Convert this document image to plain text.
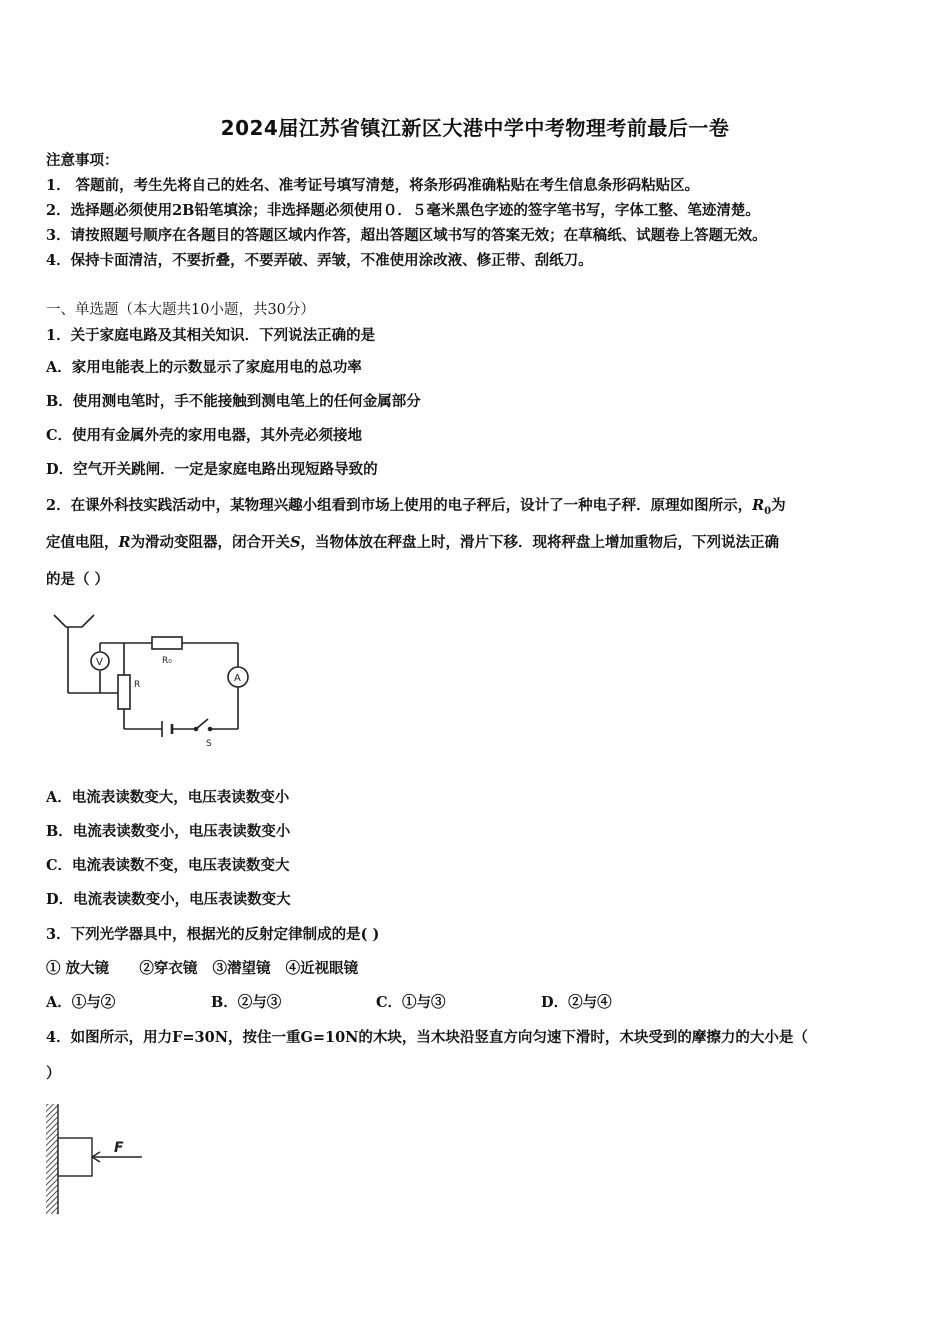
2024届江苏省镇江新区大港中学中考物理考前最后一卷
注意事项：
1． 答题前，考生先将自己的姓名、准考证号填写清楚，将条形码准确粘贴在考生信息条形码粘贴区。
2．选择题必须使用2B铅笔填涂；非选择题必须使用０．５毫米黑色字迹的签字笔书写，字体工整、笔迹清楚。
3．请按照题号顺序在各题目的答题区域内作答，超出答题区域书写的答案无效；在草稿纸、试题卷上答题无效。
4．保持卡面清洁，不要折叠，不要弄破、弄皱，不准使用涂改液、修正带、刮纸刀。
一、单选题（本大题共10小题，共30分）
1．关于家庭电路及其相关知识．下列说法正确的是
A．家用电能表上的示数显示了家庭用电的总功率
B．使用测电笔时，手不能接触到测电笔上的任何金属部分
C．使用有金属外壳的家用电器，其外壳必须接地
D．空气开关跳闸．一定是家庭电路出现短路导致的
2．在课外科技实践活动中，某物理兴趣小组看到市场上使用的电子秤后，设计了一种电子秤．原理如图所示，$R_0$为
定值电阻，R为滑动变阻器，闭合开关S，当物体放在秤盘上时，滑片下移．现将秤盘上增加重物后，下列说法正确
的是（ ）
R₀
V
R
A
S
A．电流表读数变大，电压表读数变小
B．电流表读数变小，电压表读数变小
C．电流表读数不变，电压表读数变大
D．电流表读数变小，电压表读数变大
3．下列光学器具中，根据光的反射定律制成的是( )
① 放大镜      ②穿衣镜   ③潜望镜   ④近视眼镜
A．①与②	B．②与③	C．①与③	D．②与④
4．如图所示，用力F=30N，按住一重G=10N的木块，当木块沿竖直方向匀速下滑时，木块受到的摩擦力的大小是（
）
F
